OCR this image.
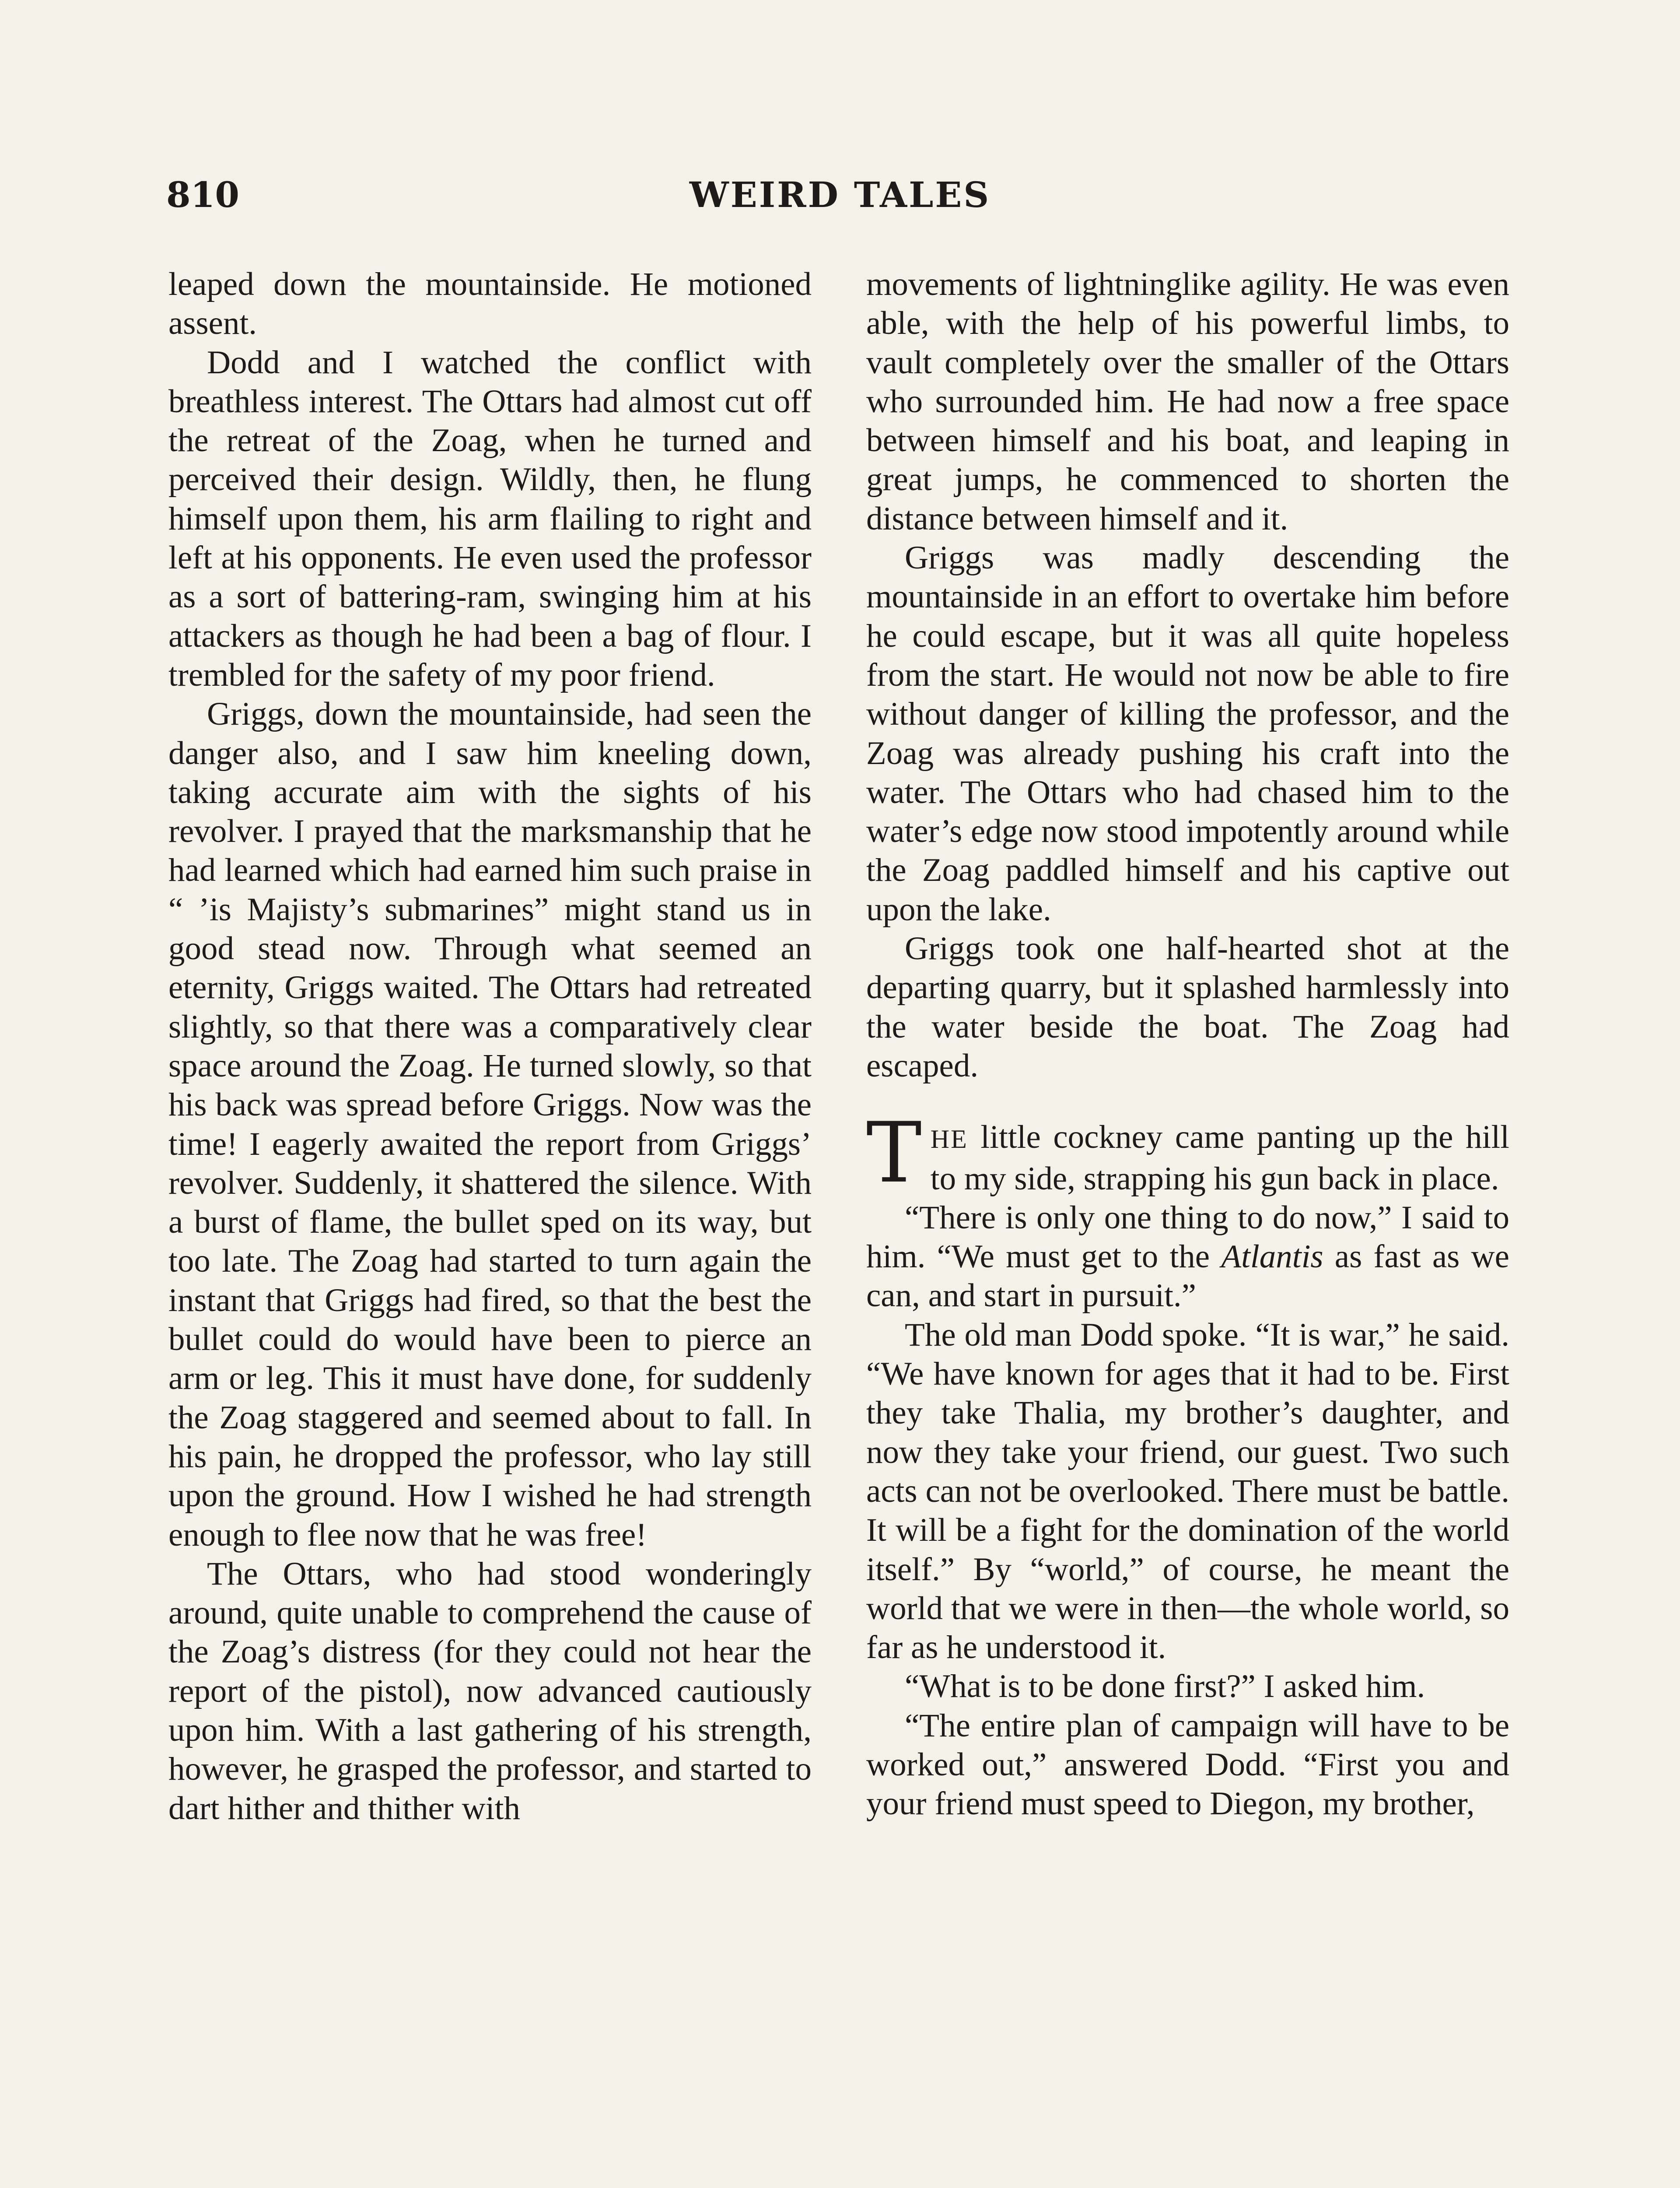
810	WEIRD TALES

leaped down the mountainside. He motioned assent.

Dodd and I watched the conflict with breathless interest. The Ottars had almost cut off the retreat of the Zoag, when he turned and perceived their design. Wildly, then, he flung himself upon them, his arm flailing to right and left at his opponents. He even used the professor as a sort of battering-ram, swinging him at his attackers as though he had been a bag of flour. I trembled for the safety of my poor friend.

Griggs, down the mountainside, had seen the danger also, and I saw him kneeling down, taking accurate aim with the sights of his revolver. I prayed that the marksmanship that he had learned which had earned him such praise in “ ’is Majisty’s submarines” might stand us in good stead now. Through what seemed an eternity, Griggs waited. The Ottars had retreated slightly, so that there was a comparatively clear space around the Zoag. He turned slowly, so that his back was spread before Griggs. Now was the time! I eagerly awaited the report from Griggs’ revolver. Suddenly, it shattered the silence. With a burst of flame, the bullet sped on its way, but too late. The Zoag had started to turn again the instant that Griggs had fired, so that the best the bullet could do would have been to pierce an arm or leg. This it must have done, for suddenly the Zoag staggered and seemed about to fall. In his pain, he dropped the professor, who lay still upon the ground. How I wished he had strength enough to flee now that he was free!

The Ottars, who had stood wonderingly around, quite unable to comprehend the cause of the Zoag’s distress (for they could not hear the report of the pistol), now advanced cautiously upon him. With a last gathering of his strength, however, he grasped the professor, and started to dart hither and thither with

movements of lightninglike agility. He was even able, with the help of his powerful limbs, to vault completely over the smaller of the Ottars who surrounded him. He had now a free space between himself and his boat, and leaping in great jumps, he commenced to shorten the distance between himself and it.

Griggs was madly descending the mountainside in an effort to overtake him before he could escape, but it was all quite hopeless from the start. He would not now be able to fire without danger of killing the professor, and the Zoag was already pushing his craft into the water. The Ottars who had chased him to the water’s edge now stood impotently around while the Zoag paddled himself and his captive out upon the lake.

Griggs took one half-hearted shot at the departing quarry, but it splashed harmlessly into the water beside the boat. The Zoag had escaped.

THE little cockney came panting up the hill to my side, strapping his gun back in place.

“There is only one thing to do now,” I said to him. “We must get to the Atlantis as fast as we can, and start in pursuit.”

The old man Dodd spoke. “It is war,” he said. “We have known for ages that it had to be. First they take Thalia, my brother’s daughter, and now they take your friend, our guest. Two such acts can not be overlooked. There must be battle. It will be a fight for the domination of the world itself.” By “world,” of course, he meant the world that we were in then—the whole world, so far as he understood it.

“What is to be done first?” I asked him.

“The entire plan of campaign will have to be worked out,” answered Dodd. “First you and your friend must speed to Diegon, my brother,
